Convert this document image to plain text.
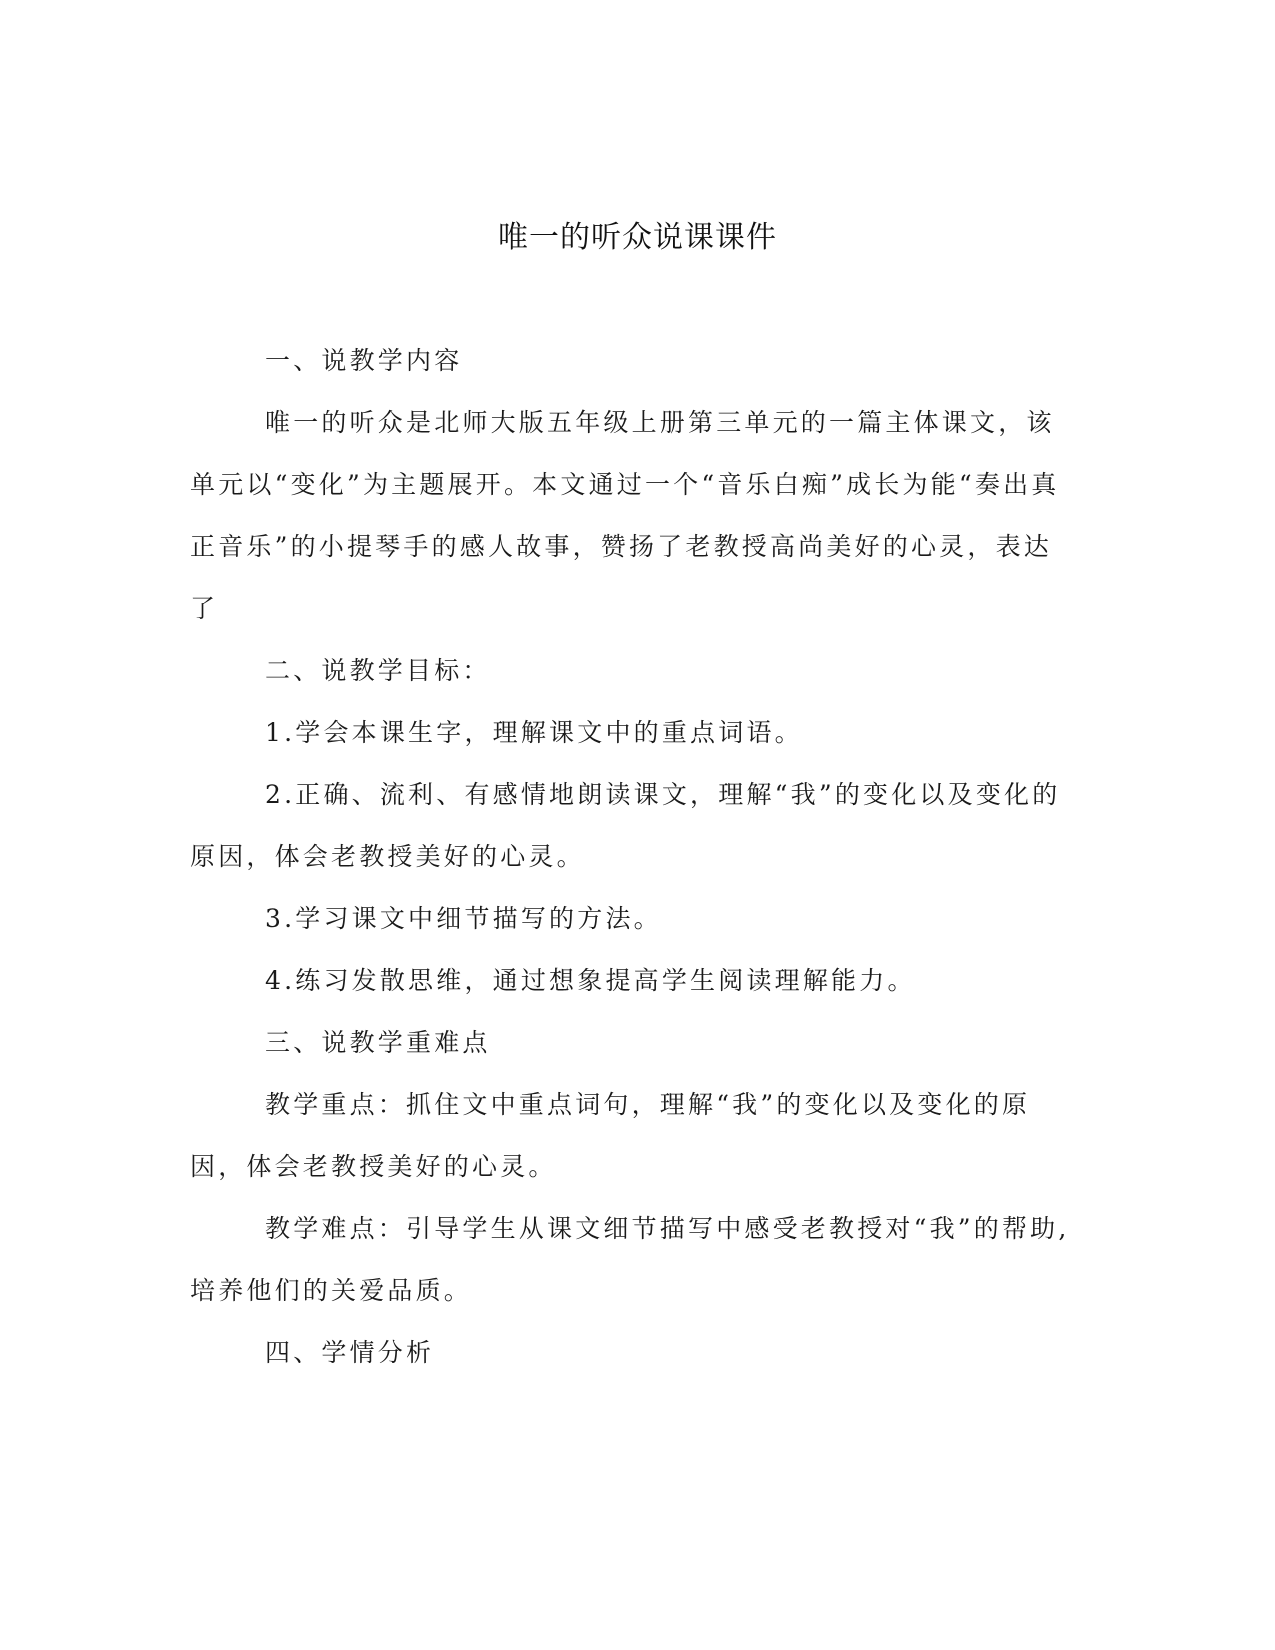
唯一的听众说课课件

一、说教学内容

唯一的听众是北师大版五年级上册第三单元的一篇主体课文，该单元以“变化”为主题展开。本文通过一个“音乐白痴”成长为能“奏出真正音乐”的小提琴手的感人故事，赞扬了老教授高尚美好的心灵，表达了

二、说教学目标：

1.学会本课生字，理解课文中的重点词语。

2.正确、流利、有感情地朗读课文，理解“我”的变化以及变化的原因，体会老教授美好的心灵。

3.学习课文中细节描写的方法。

4.练习发散思维，通过想象提高学生阅读理解能力。

三、说教学重难点

教学重点：抓住文中重点词句，理解“我”的变化以及变化的原因，体会老教授美好的心灵。

教学难点：引导学生从课文细节描写中感受老教授对“我”的帮助,培养他们的关爱品质。

四、学情分析
